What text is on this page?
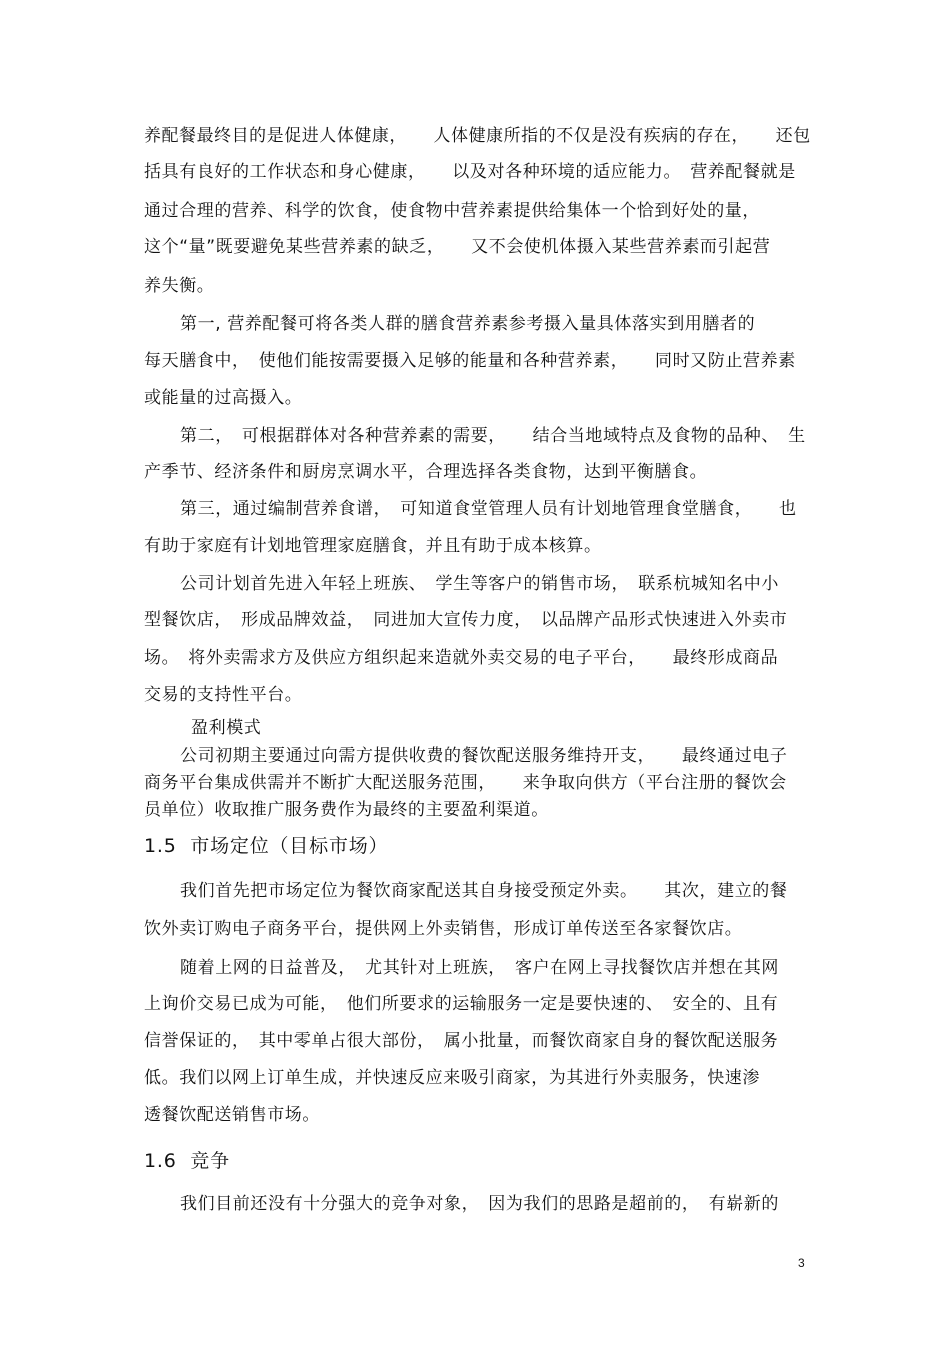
养配餐最终目的是促进人体健康，　　人体健康所指的不仅是没有疾病的存在，　　还包
括具有良好的工作状态和身心健康，　　以及对各种环境的适应能力。　营养配餐就是
通过合理的营养、科学的饮食，使食物中营养素提供给集体一个恰到好处的量，
这个“量”既要避免某些营养素的缺乏，　　又不会使机体摄入某些营养素而引起营
养失衡。
第一, 营养配餐可将各类人群的膳食营养素参考摄入量具体落实到用膳者的
每天膳食中，　使他们能按需要摄入足够的能量和各种营养素，　　同时又防止营养素
或能量的过高摄入。
第二，　可根据群体对各种营养素的需要，　　结合当地域特点及食物的品种、　生
产季节、经济条件和厨房烹调水平，合理选择各类食物，达到平衡膳食。
第三，通过编制营养食谱，　可知道食堂管理人员有计划地管理食堂膳食，　　也
有助于家庭有计划地管理家庭膳食，并且有助于成本核算。
公司计划首先进入年轻上班族、　学生等客户的销售市场，　联系杭城知名中小
型餐饮店，　形成品牌效益，　同进加大宣传力度，　以品牌产品形式快速进入外卖市
场。　将外卖需求方及供应方组织起来造就外卖交易的电子平台，　　最终形成商品
交易的支持性平台。
盈利模式
公司初期主要通过向需方提供收费的餐饮配送服务维持开支，　　最终通过电子
商务平台集成供需并不断扩大配送服务范围，　　来争取向供方（平台注册的餐饮会
员单位）收取推广服务费作为最终的主要盈利渠道。
1.5  市场定位（目标市场）
我们首先把市场定位为餐饮商家配送其自身接受预定外卖。　　其次，建立的餐
饮外卖订购电子商务平台，提供网上外卖销售，形成订单传送至各家餐饮店。
随着上网的日益普及，　尤其针对上班族，　客户在网上寻找餐饮店并想在其网
上询价交易已成为可能，　他们所要求的运输服务一定是要快速的、　安全的、且有
信誉保证的，　其中零单占很大部份，　属小批量，而餐饮商家自身的餐饮配送服务
低。我们以网上订单生成，并快速反应来吸引商家，为其进行外卖服务，快速渗
透餐饮配送销售市场。
1.6  竞争
我们目前还没有十分强大的竞争对象，　因为我们的思路是超前的，　有崭新的
3
